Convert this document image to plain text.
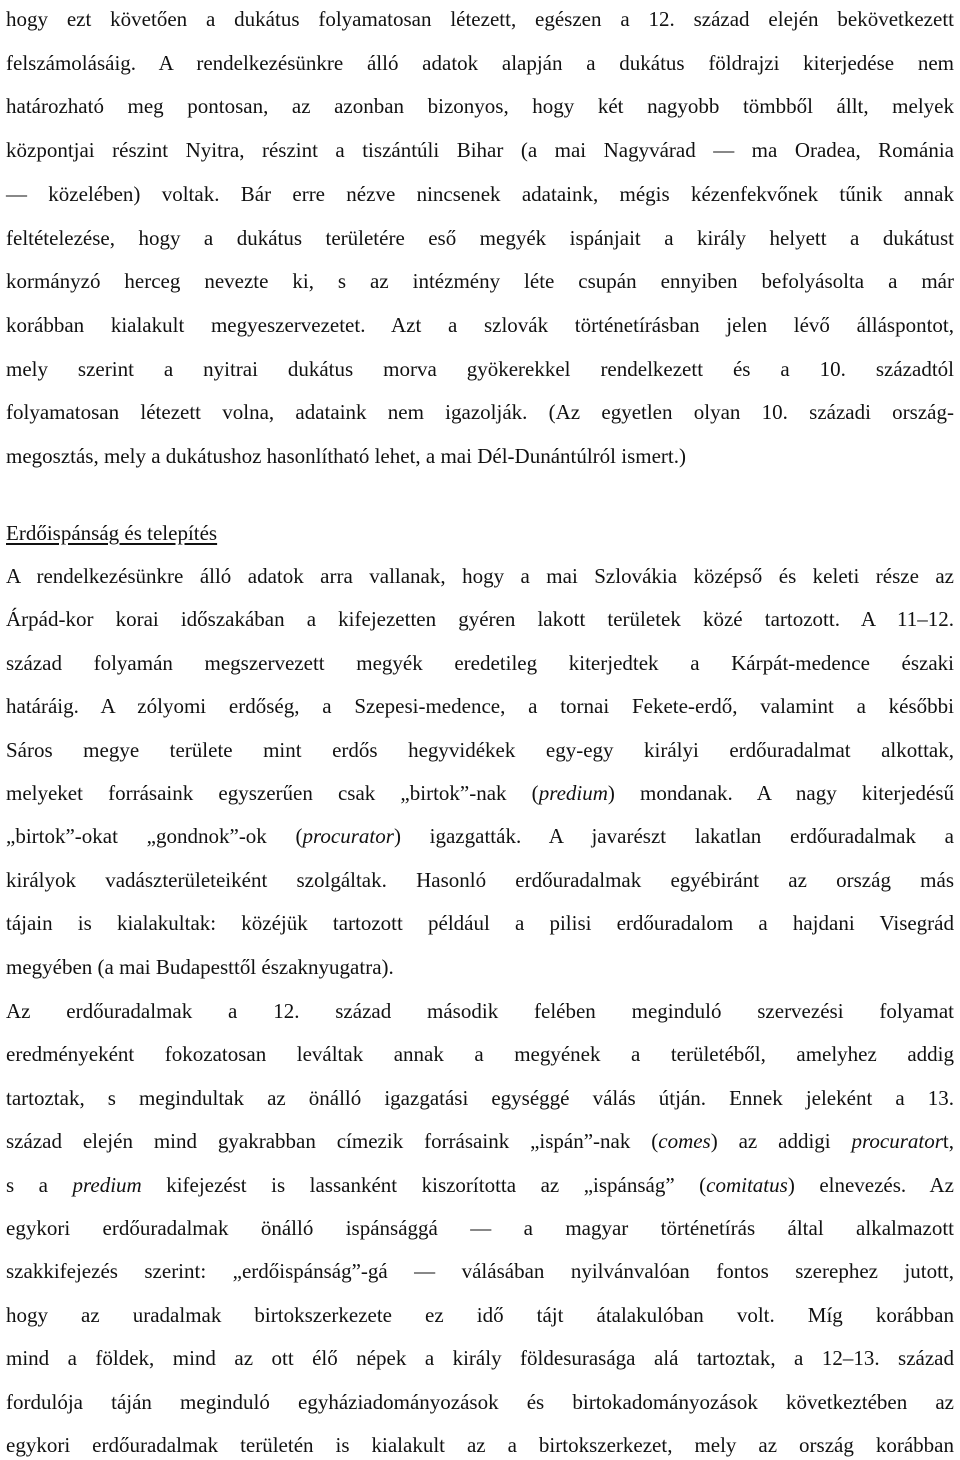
hogy ezt követően a dukátus folyamatosan létezett, egészen a 12. század elején bekövetkezett
felszámolásáig. A rendelkezésünkre álló adatok alapján a dukátus földrajzi kiterjedése nem
határozható meg pontosan, az azonban bizonyos, hogy két nagyobb tömbből állt, melyek
központjai részint Nyitra, részint a tiszántúli Bihar (a mai Nagyvárad — ma Oradea, Románia
— közelében) voltak. Bár erre nézve nincsenek adataink, mégis kézenfekvőnek tűnik annak
feltételezése, hogy a dukátus területére eső megyék ispánjait a király helyett a dukátust
kormányzó herceg nevezte ki, s az intézmény léte csupán ennyiben befolyásolta a már
korábban kialakult megyeszervezetet. Azt a szlovák történetírásban jelen lévő álláspontot,
mely szerint a nyitrai dukátus morva gyökerekkel rendelkezett és a 10. századtól
folyamatosan létezett volna, adataink nem igazolják. (Az egyetlen olyan 10. századi ország-
megosztás, mely a dukátushoz hasonlítható lehet, a mai Dél-Dunántúlról ismert.)
Erdőispánság és telepítés
A rendelkezésünkre álló adatok arra vallanak, hogy a mai Szlovákia középső és keleti része az
Árpád-kor korai időszakában a kifejezetten gyéren lakott területek közé tartozott. A 11–12.
század folyamán megszervezett megyék eredetileg kiterjedtek a Kárpát-medence északi
határáig. A zólyomi erdőség, a Szepesi-medence, a tornai Fekete-erdő, valamint a későbbi
Sáros megye területe mint erdős hegyvidékek egy-egy királyi erdőuradalmat alkottak,
melyeket forrásaink egyszerűen csak „birtok”-nak (predium) mondanak. A nagy kiterjedésű
„birtok”-okat „gondnok”-ok (procurator) igazgatták. A javarészt lakatlan erdőuradalmak a
királyok vadászterületeiként szolgáltak. Hasonló erdőuradalmak egyébiránt az ország más
tájain is kialakultak: közéjük tartozott például a pilisi erdőuradalom a hajdani Visegrád
megyében (a mai Budapesttől északnyugatra).
Az erdőuradalmak a 12. század második felében meginduló szervezési folyamat
eredményeként fokozatosan leváltak annak a megyének a területéből, amelyhez addig
tartoztak, s megindultak az önálló igazgatási egységgé válás útján. Ennek jeleként a 13.
század elején mind gyakrabban címezik forrásaink „ispán”-nak (comes) az addigi procuratort,
s a predium kifejezést is lassanként kiszorította az „ispánság” (comitatus) elnevezés. Az
egykori erdőuradalmak önálló ispánsággá — a magyar történetírás által alkalmazott
szakkifejezés szerint: „erdőispánság”-gá — válásában nyilvánvalóan fontos szerephez jutott,
hogy az uradalmak birtokszerkezete ez idő tájt átalakulóban volt. Míg korábban
mind a földek, mind az ott élő népek a király földesurasága alá tartoztak, a 12–13. század
fordulója táján meginduló egyháziadományozások és birtokadományozások következtében az
egykori erdőuradalmak területén is kialakult az a birtokszerkezet, mely az ország korábban
